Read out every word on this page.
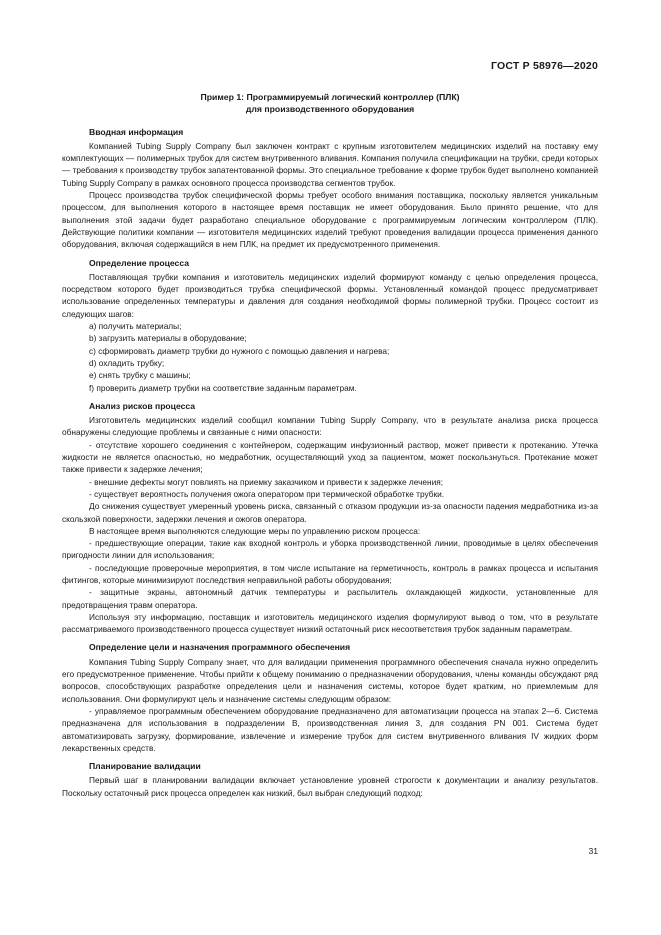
ГОСТ Р 58976—2020
Пример 1: Программируемый логический контроллер (ПЛК)
для производственного оборудования
Вводная информация

Компанией Tubing Supply Company был заключен контракт с крупным изготовителем медицинских изделий на поставку ему комплектующих — полимерных трубок для систем внутривенного вливания. Компания получила спецификации на трубки, среди которых — требования к производству трубок запатентованной формы. Это специальное требование к форме трубок будет выполнено компанией Tubing Supply Company в рамках основного процесса производства сегментов трубок.

Процесс производства трубок специфической формы требует особого внимания поставщика, поскольку является уникальным процессом, для выполнения которого в настоящее время поставщик не имеет оборудования. Было принято решение, что для выполнения этой задачи будет разработано специальное оборудование с программируемым логическим контроллером (ПЛК). Действующие политики компании — изготовителя медицинских изделий требуют проведения валидации процесса применения данного оборудования, включая содержащийся в нем ПЛК, на предмет их предусмотренного применения.

Определение процесса

Поставляющая трубки компания и изготовитель медицинских изделий формируют команду с целью определения процесса, посредством которого будет производиться трубка специфической формы. Установленный командой процесс предусматривает использование определенных температуры и давления для создания необходимой формы полимерной трубки. Процесс состоит из следующих шагов:

a) получить материалы;

b) загрузить материалы в оборудование;

c) сформировать диаметр трубки до нужного с помощью давления и нагрева;

d) охладить трубку;

e) снять трубку с машины;

f) проверить диаметр трубки на соответствие заданным параметрам.

Анализ рисков процесса

Изготовитель медицинских изделий сообщил компании Tubing Supply Company, что в результате анализа риска процесса обнаружены следующие проблемы и связанные с ними опасности:

- отсутствие хорошего соединения с контейнером, содержащим инфузионный раствор, может привести к протеканию. Утечка жидкости не является опасностью, но медработник, осуществляющий уход за пациентом, может поскользнуться. Протекание может также привести к задержке лечения;

- внешние дефекты могут повлиять на приемку заказчиком и привести к задержке лечения;

- существует вероятность получения ожога оператором при термической обработке трубки.

До снижения существует умеренный уровень риска, связанный с отказом продукции из-за опасности падения медработника из-за скользкой поверхности, задержки лечения и ожогов оператора.

В настоящее время выполняются следующие меры по управлению риском процесса:

- предшествующие операции, такие как входной контроль и уборка производственной линии, проводимые в целях обеспечения пригодности линии для использования;

- последующие проверочные мероприятия, в том числе испытание на герметичность, контроль в рамках процесса и испытания фитингов, которые минимизируют последствия неправильной работы оборудования;

- защитные экраны, автономный датчик температуры и распылитель охлаждающей жидкости, установленные для предотвращения травм оператора.

Используя эту информацию, поставщик и изготовитель медицинского изделия формулируют вывод о том, что в результате рассматриваемого производственного процесса существует низкий остаточный риск несоответствия трубок заданным параметрам.

Определение цели и назначения программного обеспечения

Компания Tubing Supply Company знает, что для валидации применения программного обеспечения сначала нужно определить его предусмотренное применение. Чтобы прийти к общему пониманию о предназначении оборудования, члены команды обсуждают ряд вопросов, способствующих разработке определения цели и назначения системы, которое будет кратким, но приемлемым для использования. Они формулируют цель и назначение системы следующим образом:

- управляемое программным обеспечением оборудование предназначено для автоматизации процесса на этапах 2—6. Система предназначена для использования в подразделении B, производственная линия 3, для создания PN 001. Система будет автоматизировать загрузку, формирование, извлечение и измерение трубок для систем внутривенного вливания IV жидких форм лекарственных средств.

Планирование валидации

Первый шаг в планировании валидации включает установление уровней строгости к документации и анализу результатов. Поскольку остаточный риск процесса определен как низкий, был выбран следующий подход:

31
